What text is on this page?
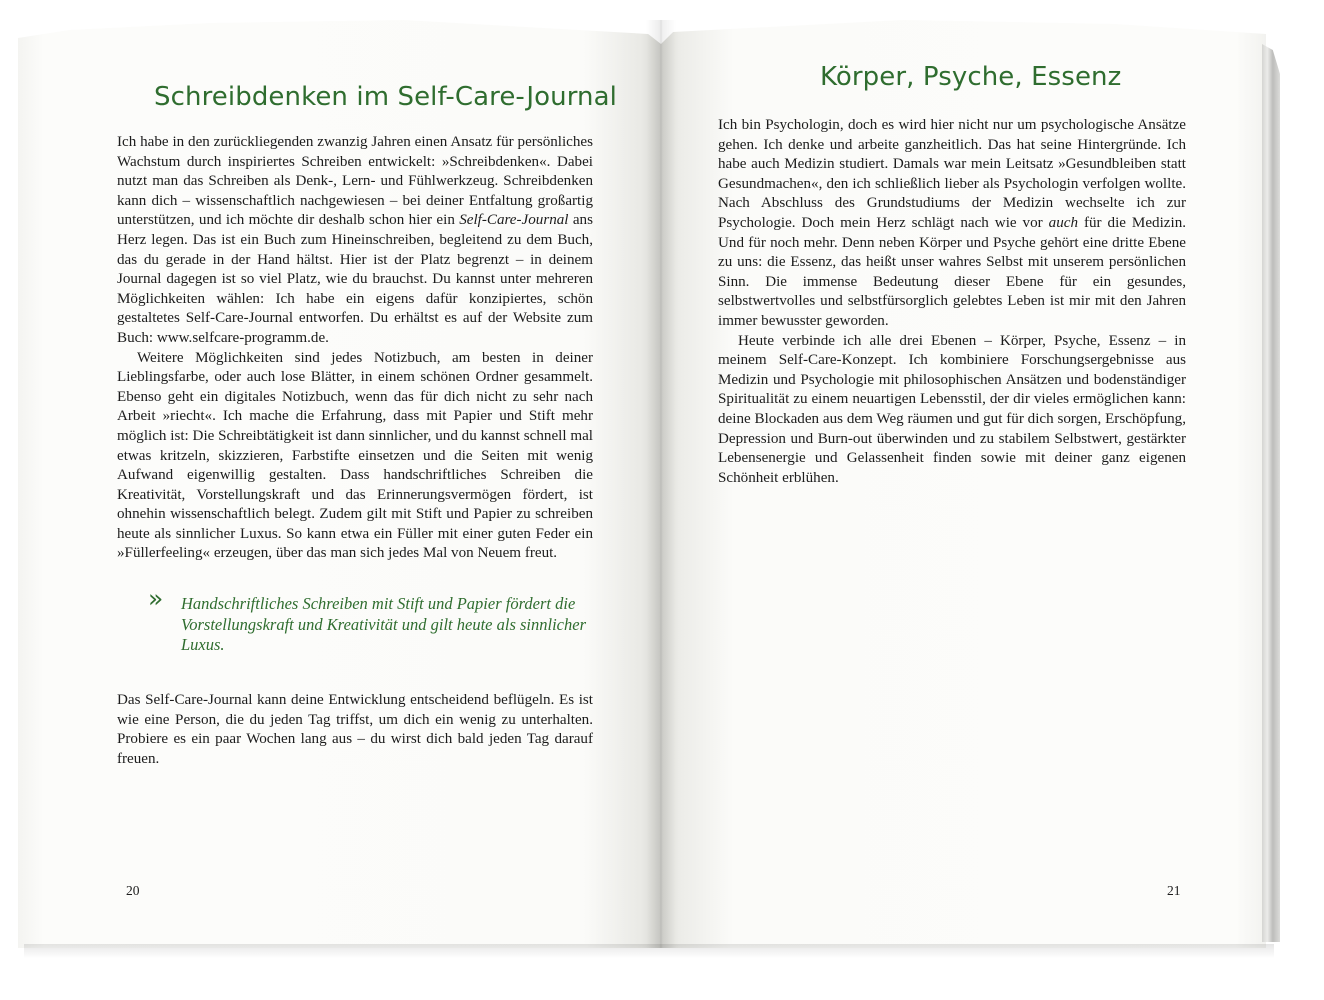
Schreibdenken im Self-Care-Journal

Ich habe in den zurückliegenden zwanzig Jahren einen Ansatz für persönliches Wachstum durch inspiriertes Schreiben entwickelt: »Schreibdenken«. Dabei nutzt man das Schreiben als Denk-, Lern- und Fühlwerkzeug. Schreibdenken kann dich – wissenschaftlich nachgewiesen – bei deiner Entfaltung großartig unterstützen, und ich möchte dir deshalb schon hier ein Self-Care-Journal ans Herz legen. Das ist ein Buch zum Hineinschreiben, begleitend zu dem Buch, das du gerade in der Hand hältst. Hier ist der Platz begrenzt – in deinem Journal dagegen ist so viel Platz, wie du brauchst. Du kannst unter mehreren Möglichkeiten wählen: Ich habe ein eigens dafür konzipiertes, schön gestaltetes Self-Care-Journal entworfen. Du erhältst es auf der Website zum Buch: www.selfcare-programm.de.

Weitere Möglichkeiten sind jedes Notizbuch, am besten in deiner Lieblingsfarbe, oder auch lose Blätter, in einem schönen Ordner gesammelt. Ebenso geht ein digitales Notizbuch, wenn das für dich nicht zu sehr nach Arbeit »riecht«. Ich mache die Erfahrung, dass mit Papier und Stift mehr möglich ist: Die Schreibtätigkeit ist dann sinnlicher, und du kannst schnell mal etwas kritzeln, skizzieren, Farbstifte einsetzen und die Seiten mit wenig Aufwand eigenwillig gestalten. Dass handschriftliches Schreiben die Kreativität, Vorstellungskraft und das Erinnerungsvermögen fördert, ist ohnehin wissenschaftlich belegt. Zudem gilt mit Stift und Papier zu schreiben heute als sinnlicher Luxus. So kann etwa ein Füller mit einer guten Feder ein »Füllerfeeling« erzeugen, über das man sich jedes Mal von Neuem freut.

» Handschriftliches Schreiben mit Stift und Papier fördert die Vorstellungskraft und Kreativität und gilt heute als sinnlicher Luxus.

Das Self-Care-Journal kann deine Entwicklung entscheidend beflügeln. Es ist wie eine Person, die du jeden Tag triffst, um dich ein wenig zu unterhalten. Probiere es ein paar Wochen lang aus – du wirst dich bald jeden Tag darauf freuen.

20
Körper, Psyche, Essenz

Ich bin Psychologin, doch es wird hier nicht nur um psychologische Ansätze gehen. Ich denke und arbeite ganzheitlich. Das hat seine Hintergründe. Ich habe auch Medizin studiert. Damals war mein Leitsatz »Gesundbleiben statt Gesundmachen«, den ich schließlich lieber als Psychologin verfolgen wollte. Nach Abschluss des Grundstudiums der Medizin wechselte ich zur Psychologie. Doch mein Herz schlägt nach wie vor auch für die Medizin. Und für noch mehr. Denn neben Körper und Psyche gehört eine dritte Ebene zu uns: die Essenz, das heißt unser wahres Selbst mit unserem persönlichen Sinn. Die immense Bedeutung dieser Ebene für ein gesundes, selbstwertvolles und selbstfürsorglich gelebtes Leben ist mir mit den Jahren immer bewusster geworden.

Heute verbinde ich alle drei Ebenen – Körper, Psyche, Essenz – in meinem Self-Care-Konzept. Ich kombiniere Forschungsergebnisse aus Medizin und Psychologie mit philosophischen Ansätzen und bodenständiger Spiritualität zu einem neuartigen Lebensstil, der dir vieles ermöglichen kann: deine Blockaden aus dem Weg räumen und gut für dich sorgen, Erschöpfung, Depression und Burn-out überwinden und zu stabilem Selbstwert, gestärkter Lebensenergie und Gelassenheit finden sowie mit deiner ganz eigenen Schönheit erblühen.

21
